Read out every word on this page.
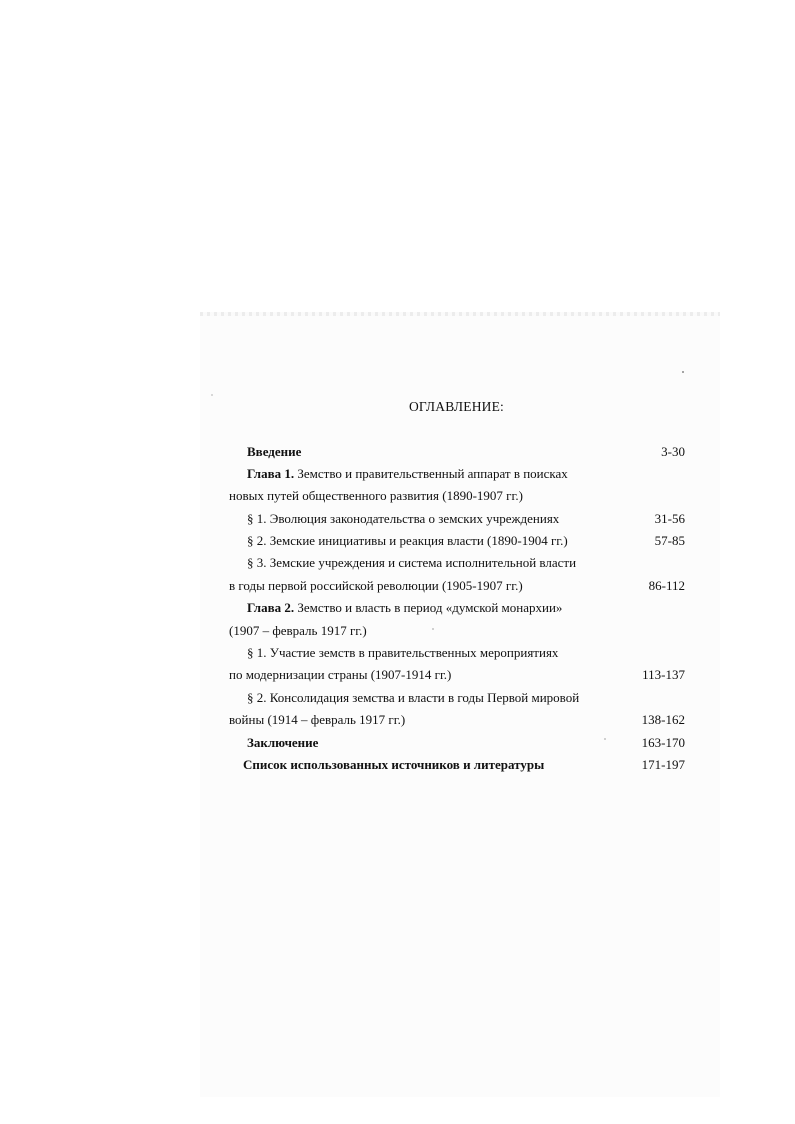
ОГЛАВЛЕНИЕ:
Введение	3-30
Глава 1. Земство и правительственный аппарат в поисках
новых путей общественного развития (1890-1907 гг.)
§ 1. Эволюция законодательства о земских учреждениях	31-56
§ 2. Земские инициативы и реакция власти (1890-1904 гг.)	57-85
§ 3. Земские учреждения и система исполнительной власти
в годы первой российской революции (1905-1907 гг.)	86-112
Глава 2. Земство и власть в период «думской монархии»
(1907 – февраль 1917 гг.)
§ 1. Участие земств в правительственных мероприятиях
по модернизации страны (1907-1914 гг.)	113-137
§ 2. Консолидация земства и власти в годы Первой мировой
войны (1914 – февраль 1917 гг.)	138-162
Заключение	163-170
Список использованных источников и литературы	171-197
